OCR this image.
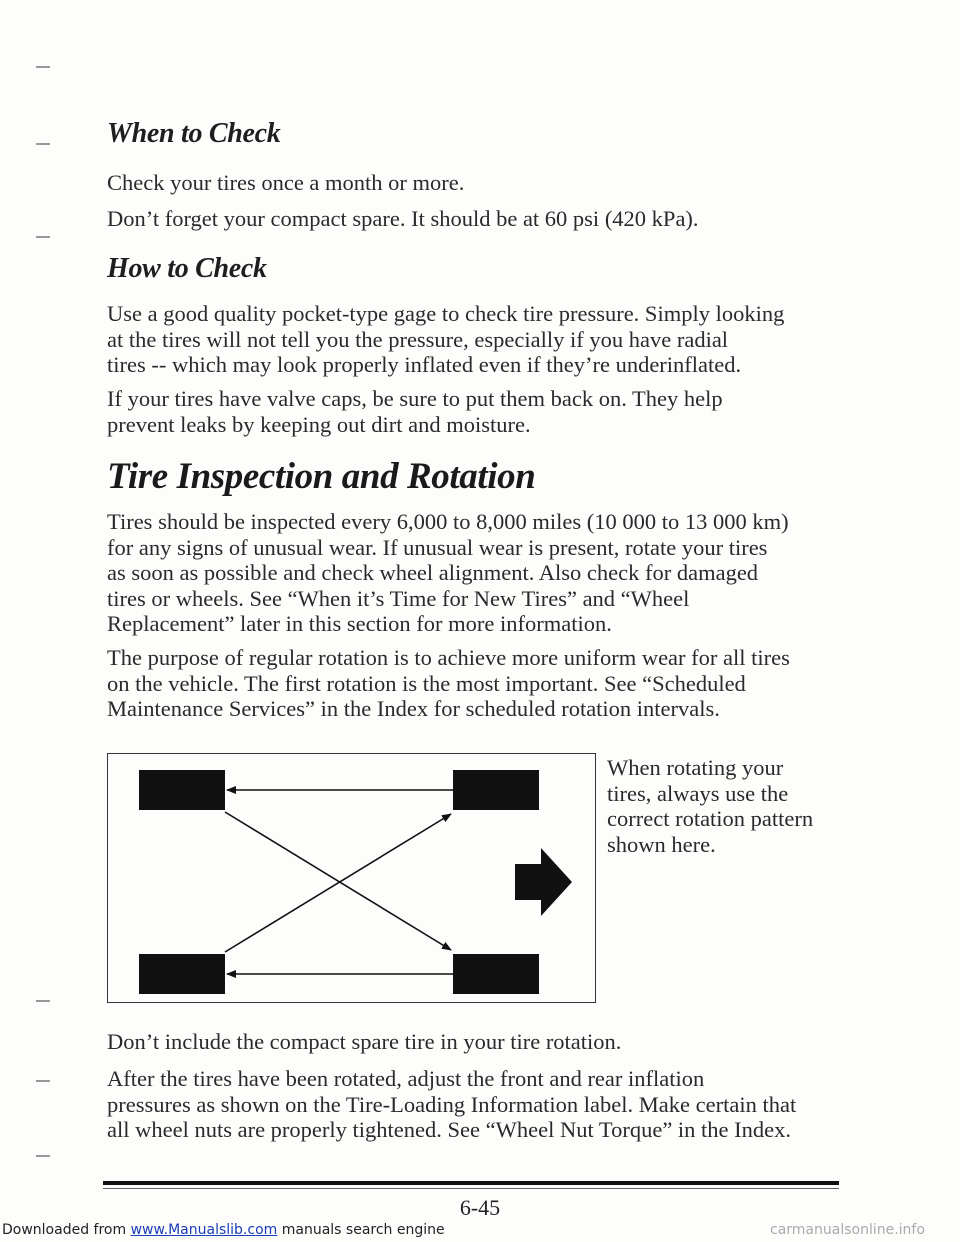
When to Check
Check your tires once a month or more.
Don’t forget your compact spare. It should be at 60 psi (420 kPa).
How to Check
Use a good quality pocket-type gage to check tire pressure. Simply looking
at the tires will not tell you the pressure, especially if you have radial
tires -- which may look properly inflated even if they’re underinflated.
If your tires have valve caps, be sure to put them back on. They help
prevent leaks by keeping out dirt and moisture.
Tire Inspection and Rotation
Tires should be inspected every 6,000 to 8,000 miles (10 000 to 13 000 km)
for any signs of unusual wear. If unusual wear is present, rotate your tires
as soon as possible and check wheel alignment. Also check for damaged
tires or wheels. See “When it’s Time for New Tires” and “Wheel
Replacement” later in this section for more information.
The purpose of regular rotation is to achieve more uniform wear for all tires
on the vehicle. The first rotation is the most important. See “Scheduled
Maintenance Services” in the Index for scheduled rotation intervals.
When rotating your
tires, always use the
correct rotation pattern
shown here.
Don’t include the compact spare tire in your tire rotation.
After the tires have been rotated, adjust the front and rear inflation
pressures as shown on the Tire-Loading Information label. Make certain that
all wheel nuts are properly tightened. See “Wheel Nut Torque” in the Index.
6-45
Downloaded from www.Manualslib.com manuals search engine	carmanualsonline.info
